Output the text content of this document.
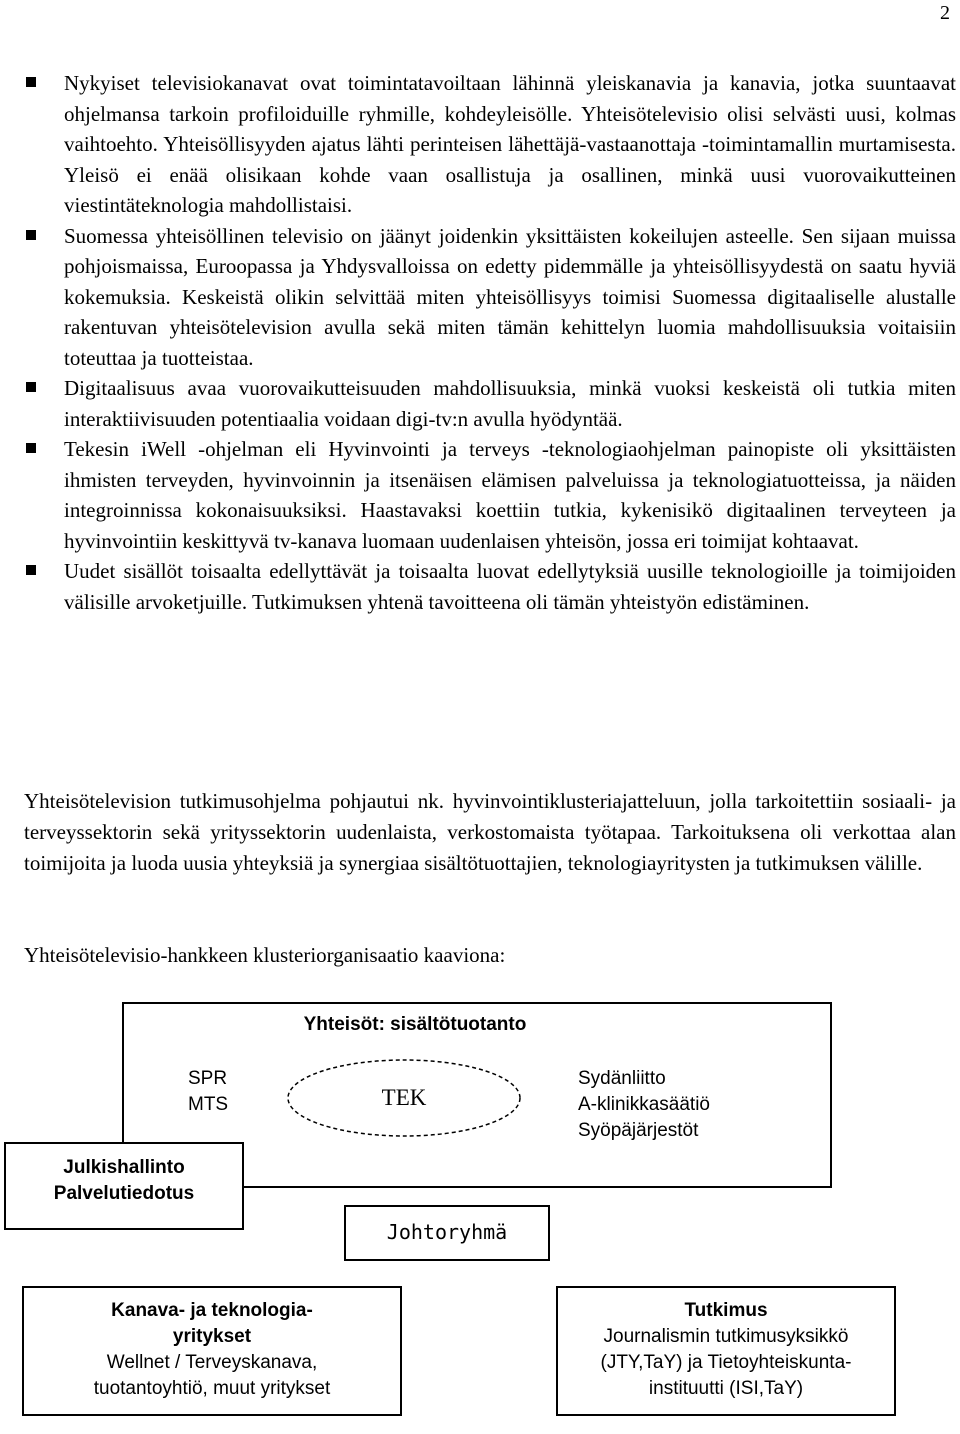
2
Nykyiset televisiokanavat ovat toimintatavoiltaan lähinnä yleiskanavia ja kanavia, jotka suuntaavat ohjelmansa tarkoin profiloiduille ryhmille, kohdeyleisölle. Yhteisötelevisio olisi selvästi uusi, kolmas vaihtoehto. Yhteisöllisyyden ajatus lähti perinteisen lähettäjä-vastaanottaja -toimintamallin murtamisesta. Yleisö ei enää olisikaan kohde vaan osallistuja ja osallinen, minkä uusi vuorovaikutteinen viestintäteknologia mahdollistaisi.
Suomessa yhteisöllinen televisio on jäänyt joidenkin yksittäisten kokeilujen asteelle. Sen sijaan muissa pohjoismaissa, Euroopassa ja Yhdysvalloissa on edetty pidemmälle ja yhteisöllisyydestä on saatu hyviä kokemuksia. Keskeistä olikin selvittää miten yhteisöllisyys toimisi Suomessa digitaaliselle alustalle rakentuvan yhteisötelevision avulla sekä miten tämän kehittelyn luomia mahdollisuuksia voitaisiin toteuttaa ja tuotteistaa.
Digitaalisuus avaa vuorovaikutteisuuden mahdollisuuksia, minkä vuoksi keskeistä oli tutkia miten interaktiivisuuden potentiaalia voidaan digi-tv:n avulla hyödyntää.
Tekesin iWell -ohjelman eli Hyvinvointi ja terveys -teknologiaohjelman painopiste oli yksittäisten ihmisten terveyden, hyvinvoinnin ja itsenäisen elämisen palveluissa ja teknologiatuotteissa, ja näiden integroinnissa kokonaisuuksiksi. Haastavaksi koettiin tutkia, kykenisikö digitaalinen terveyteen ja hyvinvointiin keskittyvä tv-kanava luomaan uudenlaisen yhteisön, jossa eri toimijat kohtaavat.
Uudet sisällöt toisaalta edellyttävät ja toisaalta luovat edellytyksiä uusille teknologioille ja toimijoiden välisille arvoketjuille. Tutkimuksen yhtenä tavoitteena oli tämän yhteistyön edistäminen.

Yhteisötelevision tutkimusohjelma pohjautui nk. hyvinvointiklusteriajatteluun, jolla tarkoitettiin sosiaali- ja terveyssektorin sekä yrityssektorin uudenlaista, verkostomaista työtapaa. Tarkoituksena oli verkottaa alan toimijoita ja luoda uusia yhteyksiä ja synergiaa sisältötuottajien, teknologiayritysten ja tutkimuksen välille.

Yhteisötelevisio-hankkeen klusteriorganisaatio kaaviona:

Yhteisöt: sisältötuotanto
SPR
MTS	TEK
Sydänliitto
A-klinikkasäätiö
Syöpäjärjestöt
Julkishallinto
Palvelutiedotus
Johtoryhmä
Kanava- ja teknologia-yritykset
Wellnet / Terveyskanava,
tuotantoyhtiö, muut yritykset
Tutkimus
Journalismin tutkimusyksikkö
(JTY,TaY) ja Tietoyhteiskunta-
instituutti (ISI,TaY)
